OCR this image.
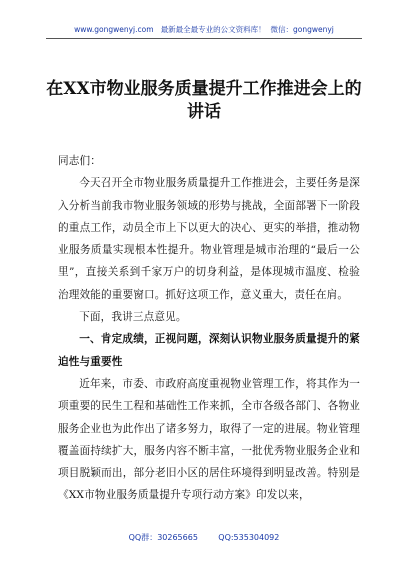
www.gongwenyj.com 最新最全最专业的公文资料库！ 微信：gongwenyj
在XX市物业服务质量提升工作推进会上的讲话

同志们：

今天召开全市物业服务质量提升工作推进会，主要任务是深入分析当前我市物业服务领域的形势与挑战，全面部署下一阶段的重点工作，动员全市上下以更大的决心、更实的举措，推动物业服务质量实现根本性提升。物业管理是城市治理的“最后一公里”，直接关系到千家万户的切身利益，是体现城市温度、检验治理效能的重要窗口。抓好这项工作，意义重大，责任在肩。

下面，我讲三点意见。

一、肯定成绩，正视问题，深刻认识物业服务质量提升的紧迫性与重要性

近年来，市委、市政府高度重视物业管理工作，将其作为一项重要的民生工程和基础性工作来抓，全市各级各部门、各物业服务企业也为此作出了诸多努力，取得了一定的进展。物业管理覆盖面持续扩大，服务内容不断丰富，一批优秀物业服务企业和项目脱颖而出，部分老旧小区的居住环境得到明显改善。特别是《XX市物业服务质量提升专项行动方案》印发以来，

QQ群：30265665	QQ:535304092
